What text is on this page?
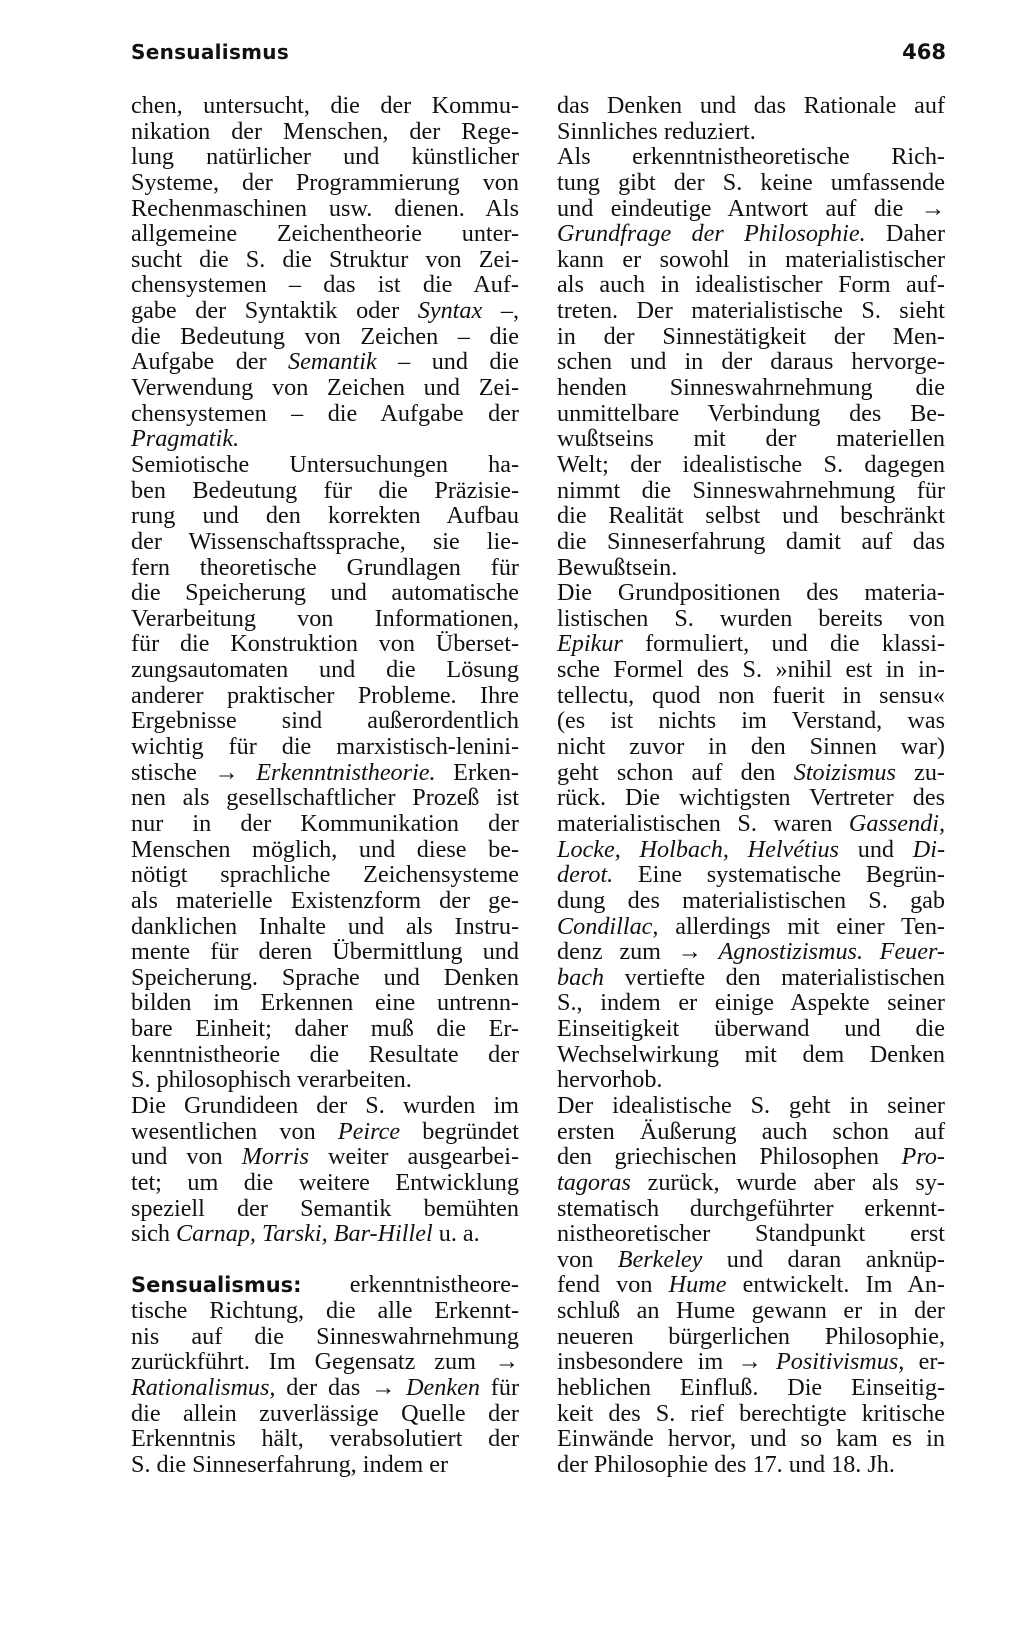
Sensualismus	468
chen, untersucht, die der Kommu-
nikation der Menschen, der Rege-
lung natürlicher und künstlicher
Systeme, der Programmierung von
Rechenmaschinen usw. dienen. Als
allgemeine Zeichentheorie unter-
sucht die S. die Struktur von Zei-
chensystemen – das ist die Auf-
gabe der Syntaktik oder Syntax –,
die Bedeutung von Zeichen – die
Aufgabe der Semantik – und die
Verwendung von Zeichen und Zei-
chensystemen – die Aufgabe der
Pragmatik.
Semiotische Untersuchungen ha-
ben Bedeutung für die Präzisie-
rung und den korrekten Aufbau
der Wissenschaftssprache, sie lie-
fern theoretische Grundlagen für
die Speicherung und automatische
Verarbeitung von Informationen,
für die Konstruktion von Überset-
zungsautomaten und die Lösung
anderer praktischer Probleme. Ihre
Ergebnisse sind außerordentlich
wichtig für die marxistisch-lenini-
stische → Erkenntnistheorie. Erken-
nen als gesellschaftlicher Prozeß ist
nur in der Kommunikation der
Menschen möglich, und diese be-
nötigt sprachliche Zeichensysteme
als materielle Existenzform der ge-
danklichen Inhalte und als Instru-
mente für deren Übermittlung und
Speicherung. Sprache und Denken
bilden im Erkennen eine untrenn-
bare Einheit; daher muß die Er-
kenntnistheorie die Resultate der
S. philosophisch verarbeiten.
Die Grundideen der S. wurden im
wesentlichen von Peirce begründet
und von Morris weiter ausgearbei-
tet; um die weitere Entwicklung
speziell der Semantik bemühten
sich Carnap, Tarski, Bar-Hillel u. a.
Sensualismus: erkenntnistheore-
tische Richtung, die alle Erkennt-
nis auf die Sinneswahrnehmung
zurückführt. Im Gegensatz zum →
Rationalismus, der das → Denken für
die allein zuverlässige Quelle der
Erkenntnis hält, verabsolutiert der
S. die Sinneserfahrung, indem er
das Denken und das Rationale auf
Sinnliches reduziert.
Als erkenntnistheoretische Rich-
tung gibt der S. keine umfassende
und eindeutige Antwort auf die →
Grundfrage der Philosophie. Daher
kann er sowohl in materialistischer
als auch in idealistischer Form auf-
treten. Der materialistische S. sieht
in der Sinnestätigkeit der Men-
schen und in der daraus hervorge-
henden Sinneswahrnehmung die
unmittelbare Verbindung des Be-
wußtseins mit der materiellen
Welt; der idealistische S. dagegen
nimmt die Sinneswahrnehmung für
die Realität selbst und beschränkt
die Sinneserfahrung damit auf das
Bewußtsein.
Die Grundpositionen des materia-
listischen S. wurden bereits von
Epikur formuliert, und die klassi-
sche Formel des S. »nihil est in in-
tellectu, quod non fuerit in sensu«
(es ist nichts im Verstand, was
nicht zuvor in den Sinnen war)
geht schon auf den Stoizismus zu-
rück. Die wichtigsten Vertreter des
materialistischen S. waren Gassendi,
Locke, Holbach, Helvétius und Di-
derot. Eine systematische Begrün-
dung des materialistischen S. gab
Condillac, allerdings mit einer Ten-
denz zum → Agnostizismus. Feuer-
bach vertiefte den materialistischen
S., indem er einige Aspekte seiner
Einseitigkeit überwand und die
Wechselwirkung mit dem Denken
hervorhob.
Der idealistische S. geht in seiner
ersten Äußerung auch schon auf
den griechischen Philosophen Pro-
tagoras zurück, wurde aber als sy-
stematisch durchgeführter erkennt-
nistheoretischer Standpunkt erst
von Berkeley und daran anknüp-
fend von Hume entwickelt. Im An-
schluß an Hume gewann er in der
neueren bürgerlichen Philosophie,
insbesondere im → Positivismus, er-
heblichen Einfluß. Die Einseitig-
keit des S. rief berechtigte kritische
Einwände hervor, und so kam es in
der Philosophie des 17. und 18. Jh.
